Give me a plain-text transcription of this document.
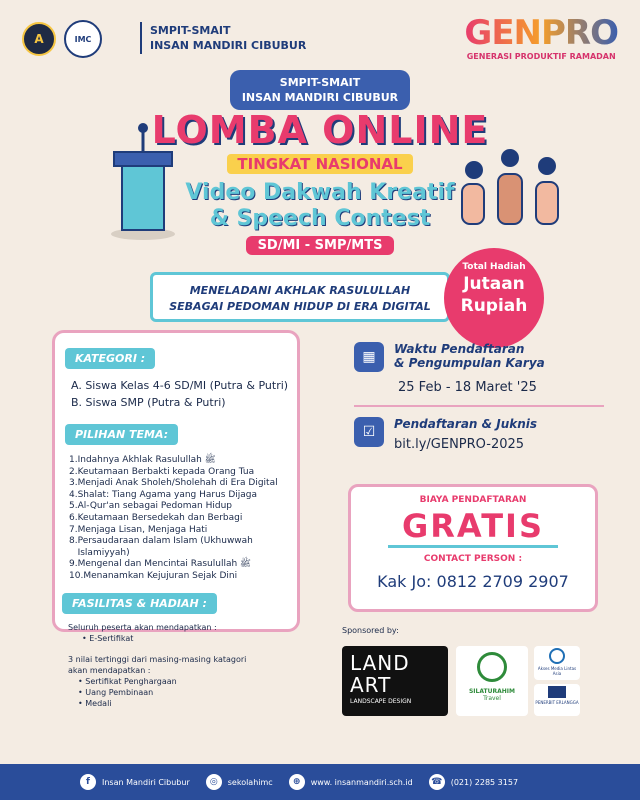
A	IMC
SMPIT-SMAIT
INSAN MANDIRI CIBUBUR	GENPRO
GENERASI PRODUKTIF RAMADAN
SMPIT-SMAIT
INSAN MANDIRI CIBUBUR
LOMBA ONLINE
TINGKAT NASIONAL
Video Dakwah Kreatif
& Speech Contest
SD/MI - SMP/MTS
MENELADANI AKHLAK RASULULLAH
SEBAGAI PEDOMAN HIDUP DI ERA DIGITAL
Total Hadiah
Jutaan
Rupiah
KATEGORI :
A. Siswa Kelas 4-6 SD/MI (Putra & Putri)
B. Siswa SMP (Putra & Putri)
PILIHAN TEMA:
1.Indahnya Akhlak Rasulullah ﷺ
2.Keutamaan Berbakti kepada Orang Tua
3.Menjadi Anak Sholeh/Sholehah di Era Digital
4.Shalat: Tiang Agama yang Harus Dijaga
5.Al-Qur'an sebagai Pedoman Hidup
6.Keutamaan Bersedekah dan Berbagi
7.Menjaga Lisan, Menjaga Hati
8.Persaudaraan dalam Islam (Ukhuwwah
Islamiyyah)
9.Mengenal dan Mencintai Rasulullah ﷺ
10.Menanamkan Kejujuran Sejak Dini
FASILITAS & HADIAH :
Seluruh peserta akan mendapatkan :
• E-Sertifikat
3 nilai tertinggi dari masing-masing katagori
akan mendapatkan :
• Sertifikat Penghargaan
• Uang Pembinaan
• Medali
▦	Waktu Pendaftaran
& Pengumpulan Karya
25 Feb - 18 Maret '25
☑	Pendaftaran & Juknis
bit.ly/GENPRO-2025
BIAYA PENDAFTARAN
GRATIS
CONTACT PERSON :
Kak Jo: 0812 2709 2907
Sponsored by:
LAND
ART
LANDSCAPE DESIGN
SILATURAHIM
Travel
Akses Media Lintas Asia
PENERBIT ERLANGGA
f	Insan Mandiri Cibubur	◎	sekolahimc	⊕	www. insanmandiri.sch.id ☎ (021) 2285 3157
